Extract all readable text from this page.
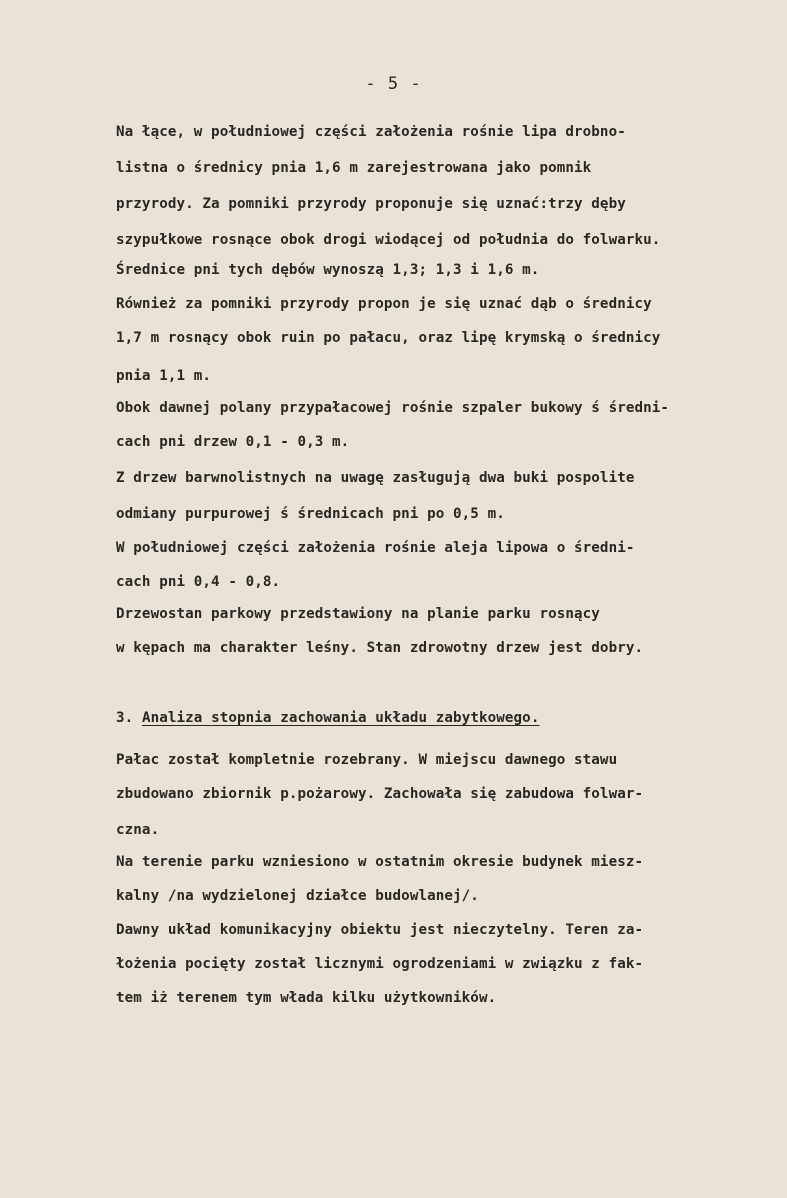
- 5 -
Na łące, w południowej części założenia rośnie lipa drobno-
listna o średnicy pnia 1,6 m zarejestrowana jako pomnik
przyrody. Za pomniki przyrody proponuje się uznać:trzy dęby
szypułkowe rosnące obok drogi wiodącej od południa do folwarku.
Średnice pni tych dębów wynoszą 1,3; 1,3 i 1,6 m.
Również za pomniki przyrody propon je się uznać dąb o średnicy
1,7 m rosnący obok ruin po pałacu, oraz lipę krymską o średnicy
pnia 1,1 m.
Obok dawnej polany przypałacowej rośnie szpaler bukowy ś średni-
cach pni drzew 0,1 - 0,3 m.
Z drzew barwnolistnych na uwagę zasługują dwa buki pospolite
odmiany purpurowej ś średnicach pni po 0,5 m.
W południowej części założenia rośnie aleja lipowa o średni-
cach pni 0,4 - 0,8.
Drzewostan parkowy przedstawiony na planie parku rosnący
w kępach ma charakter leśny. Stan zdrowotny drzew jest dobry.
3. Analiza stopnia zachowania układu zabytkowego.
Pałac został kompletnie rozebrany. W miejscu dawnego stawu
zbudowano zbiornik p.pożarowy. Zachowała się zabudowa folwar-
czna.
Na terenie parku wzniesiono w ostatnim okresie budynek miesz-
kalny /na wydzielonej działce budowlanej/.
Dawny układ komunikacyjny obiektu jest nieczytelny. Teren za-
łożenia pocięty został licznymi ogrodzeniami w związku z fak-
tem iż terenem tym włada kilku użytkowników.
